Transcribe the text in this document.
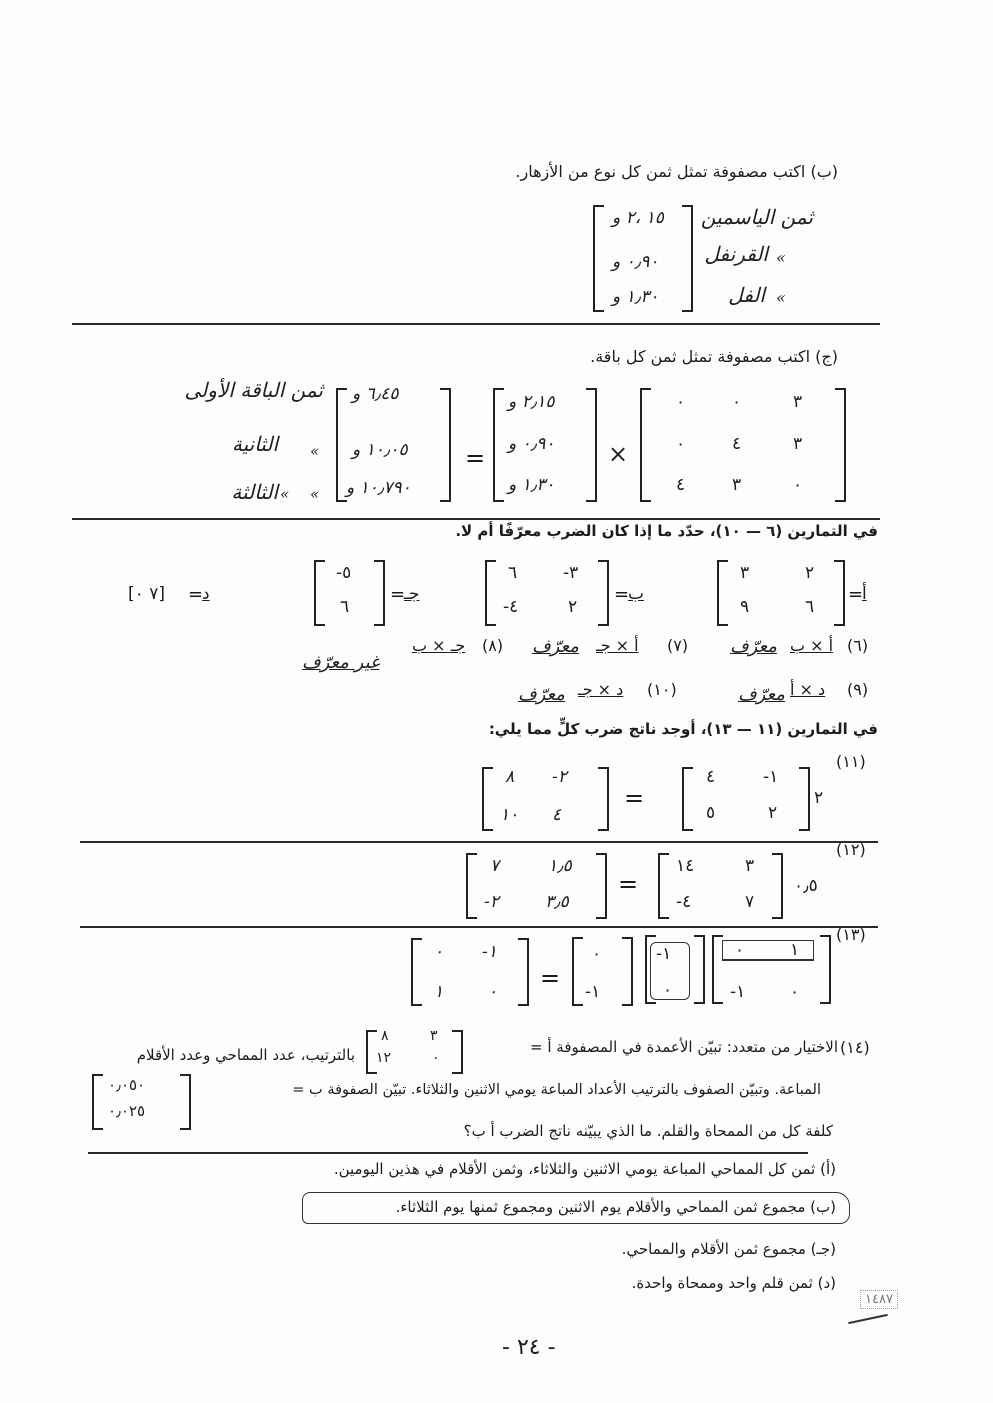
(ب) اكتب مصفوفة تمثل ثمن كل نوع من الأزهار.
١٥ ،٢ و
٠٫٩٠ و
١٫٣٠ و
ثمن الياسمين
«
القرنفل
«
الفل
(ج) اكتب مصفوفة تمثل ثمن كل باقة.
٣
٠
٠
٣
٤
٠
٠
٣
٤
×
٢٫١٥ و
٠٫٩٠ و
١٫٣٠ و
=
٦٫٤٥ و
١٠٫٠٥ و
١٠٫٧٩٠ و
ثمن الباقة الأولى
«
الثانية
« «
الثالثة
في التمارين (٦ — ١٠)، حدّد ما إذا كان الضرب معرّفًا أم لا.
أ
=
٢
٣
٦
٩
ب
=
-٣
٦
٢
-٤
جـ
=
-٥
٦
د
=
[٧ ٠]
(٦)
أ × ب
معرّف
(٧)
أ × جـ
معرّف
(٨)
جـ × ب
غير معرّف
(٩)
د × أ
معرّف
(١٠)
د × جـ
معرّف
في التمارين (١١ — ١٣)، أوجد ناتج ضرب كلٍّ مما يلي:
(١١)
٢
-١
٤
٢
٥
=
-٢
٨
٤
١٠
(١٢)
٠٫٥
٣
١٤
٧
-٤
=
١٫٥
٧
٣٫٥
-٢
(١٣)
١
٠
٠
-١
-١
٠
٠
-١
=
-١
٠
٠
١
(١٤)
الاختيار من متعدد: تبيّن الأعمدة في المصفوفة أ =
٣
٨
٠
١٢
بالترتيب، عدد المماحي وعدد الأقلام
المباعة. وتبيّن الصفوف بالترتيب الأعداد المباعة يومي الاثنين والثلاثاء. تبيّن الصفوفة ب =
٠٫٠٥٠
٠٫٠٢٥
كلفة كل من الممحاة والقلم. ما الذي يبيّنه ناتج الضرب أ ب؟
(أ) ثمن كل المماحي المباعة يومي الاثنين والثلاثاء، وثمن الأقلام في هذين اليومين.
(ب) مجموع ثمن المماحي والأقلام يوم الاثنين ومجموع ثمنها يوم الثلاثاء.
(جـ) مجموع ثمن الأقلام والمماحي.
(د) ثمن قلم واحد وممحاة واحدة.
١٤٨٧
- ٢٤ -
